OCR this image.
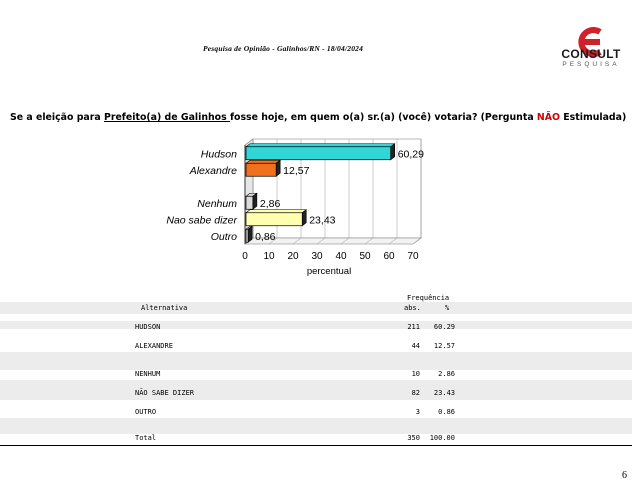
Pesquisa de Opinião - Galinhos/RN - 18/04/2024	CONSULT
PESQUISA
Se a eleição para Prefeito(a) de Galinhos fosse hoje, em quem o(a) sr.(a) (você) votaria? (Pergunta NÃO Estimulada)
0 10 20 30 40 50 60 70
percentual
Hudson	60,29
Alexandre	12,57
Nenhum 2,86
Nao sabe dizer	23,43
Outro 0,86
Frequência
Alternativa	abs.	%
HUDSON	211	60.29
ALEXANDRE	44	12.57
NENHUM	10	2.86
NÃO SABE DIZER	82	23.43
OUTRO	3	0.86
Total	350	100.00
6
